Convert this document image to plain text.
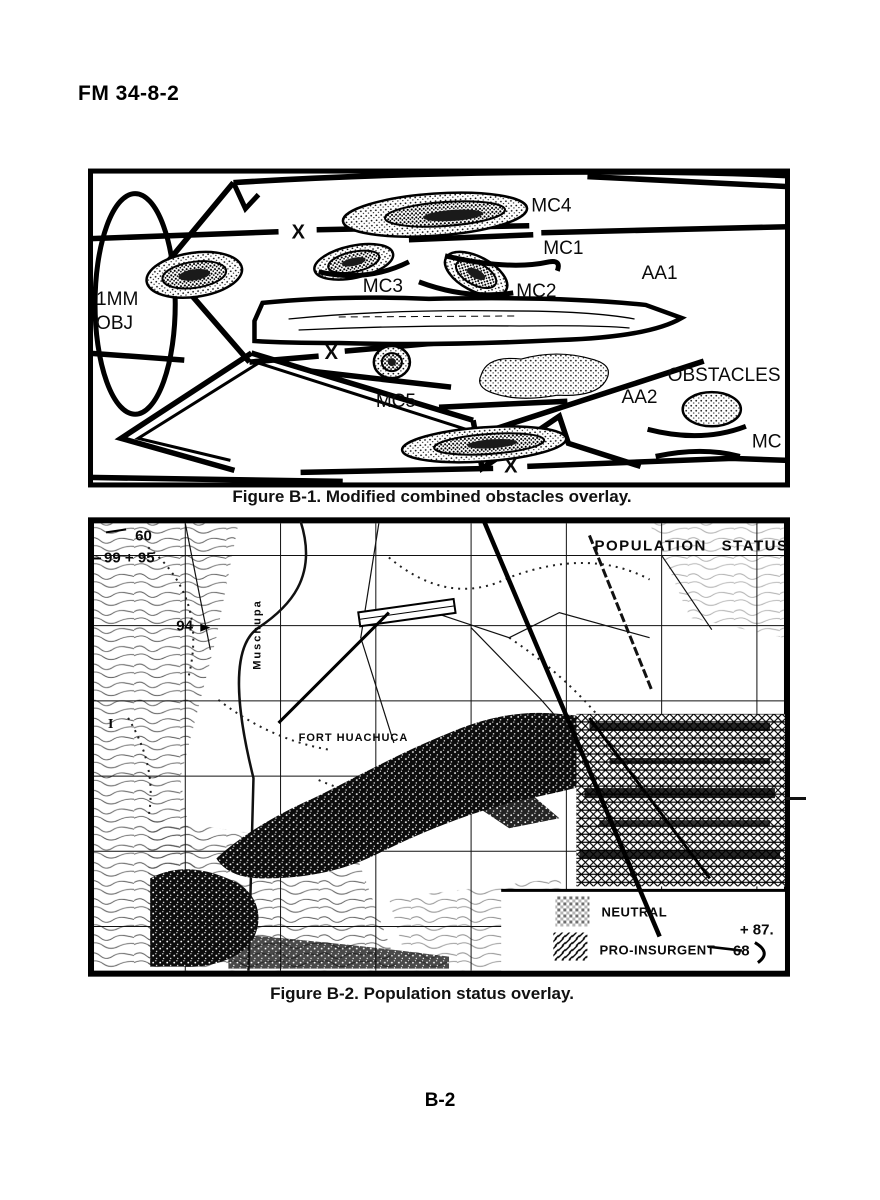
FM 34-8-2
1MM
OBJ
X
X
X
MC4
MC1
AA1
MC3	MC2
MC5	AA2
OBSTACLES
MC
Figure B-1. Modified combined obstacles overlay.
60
99 + 95
94
POPULATION STATUS
FORT HUACHUCA
Muschupa
I
NEUTRAL
PRO-INSURGENT
+ 87.
68
Figure B-2. Population status overlay.
B-2
